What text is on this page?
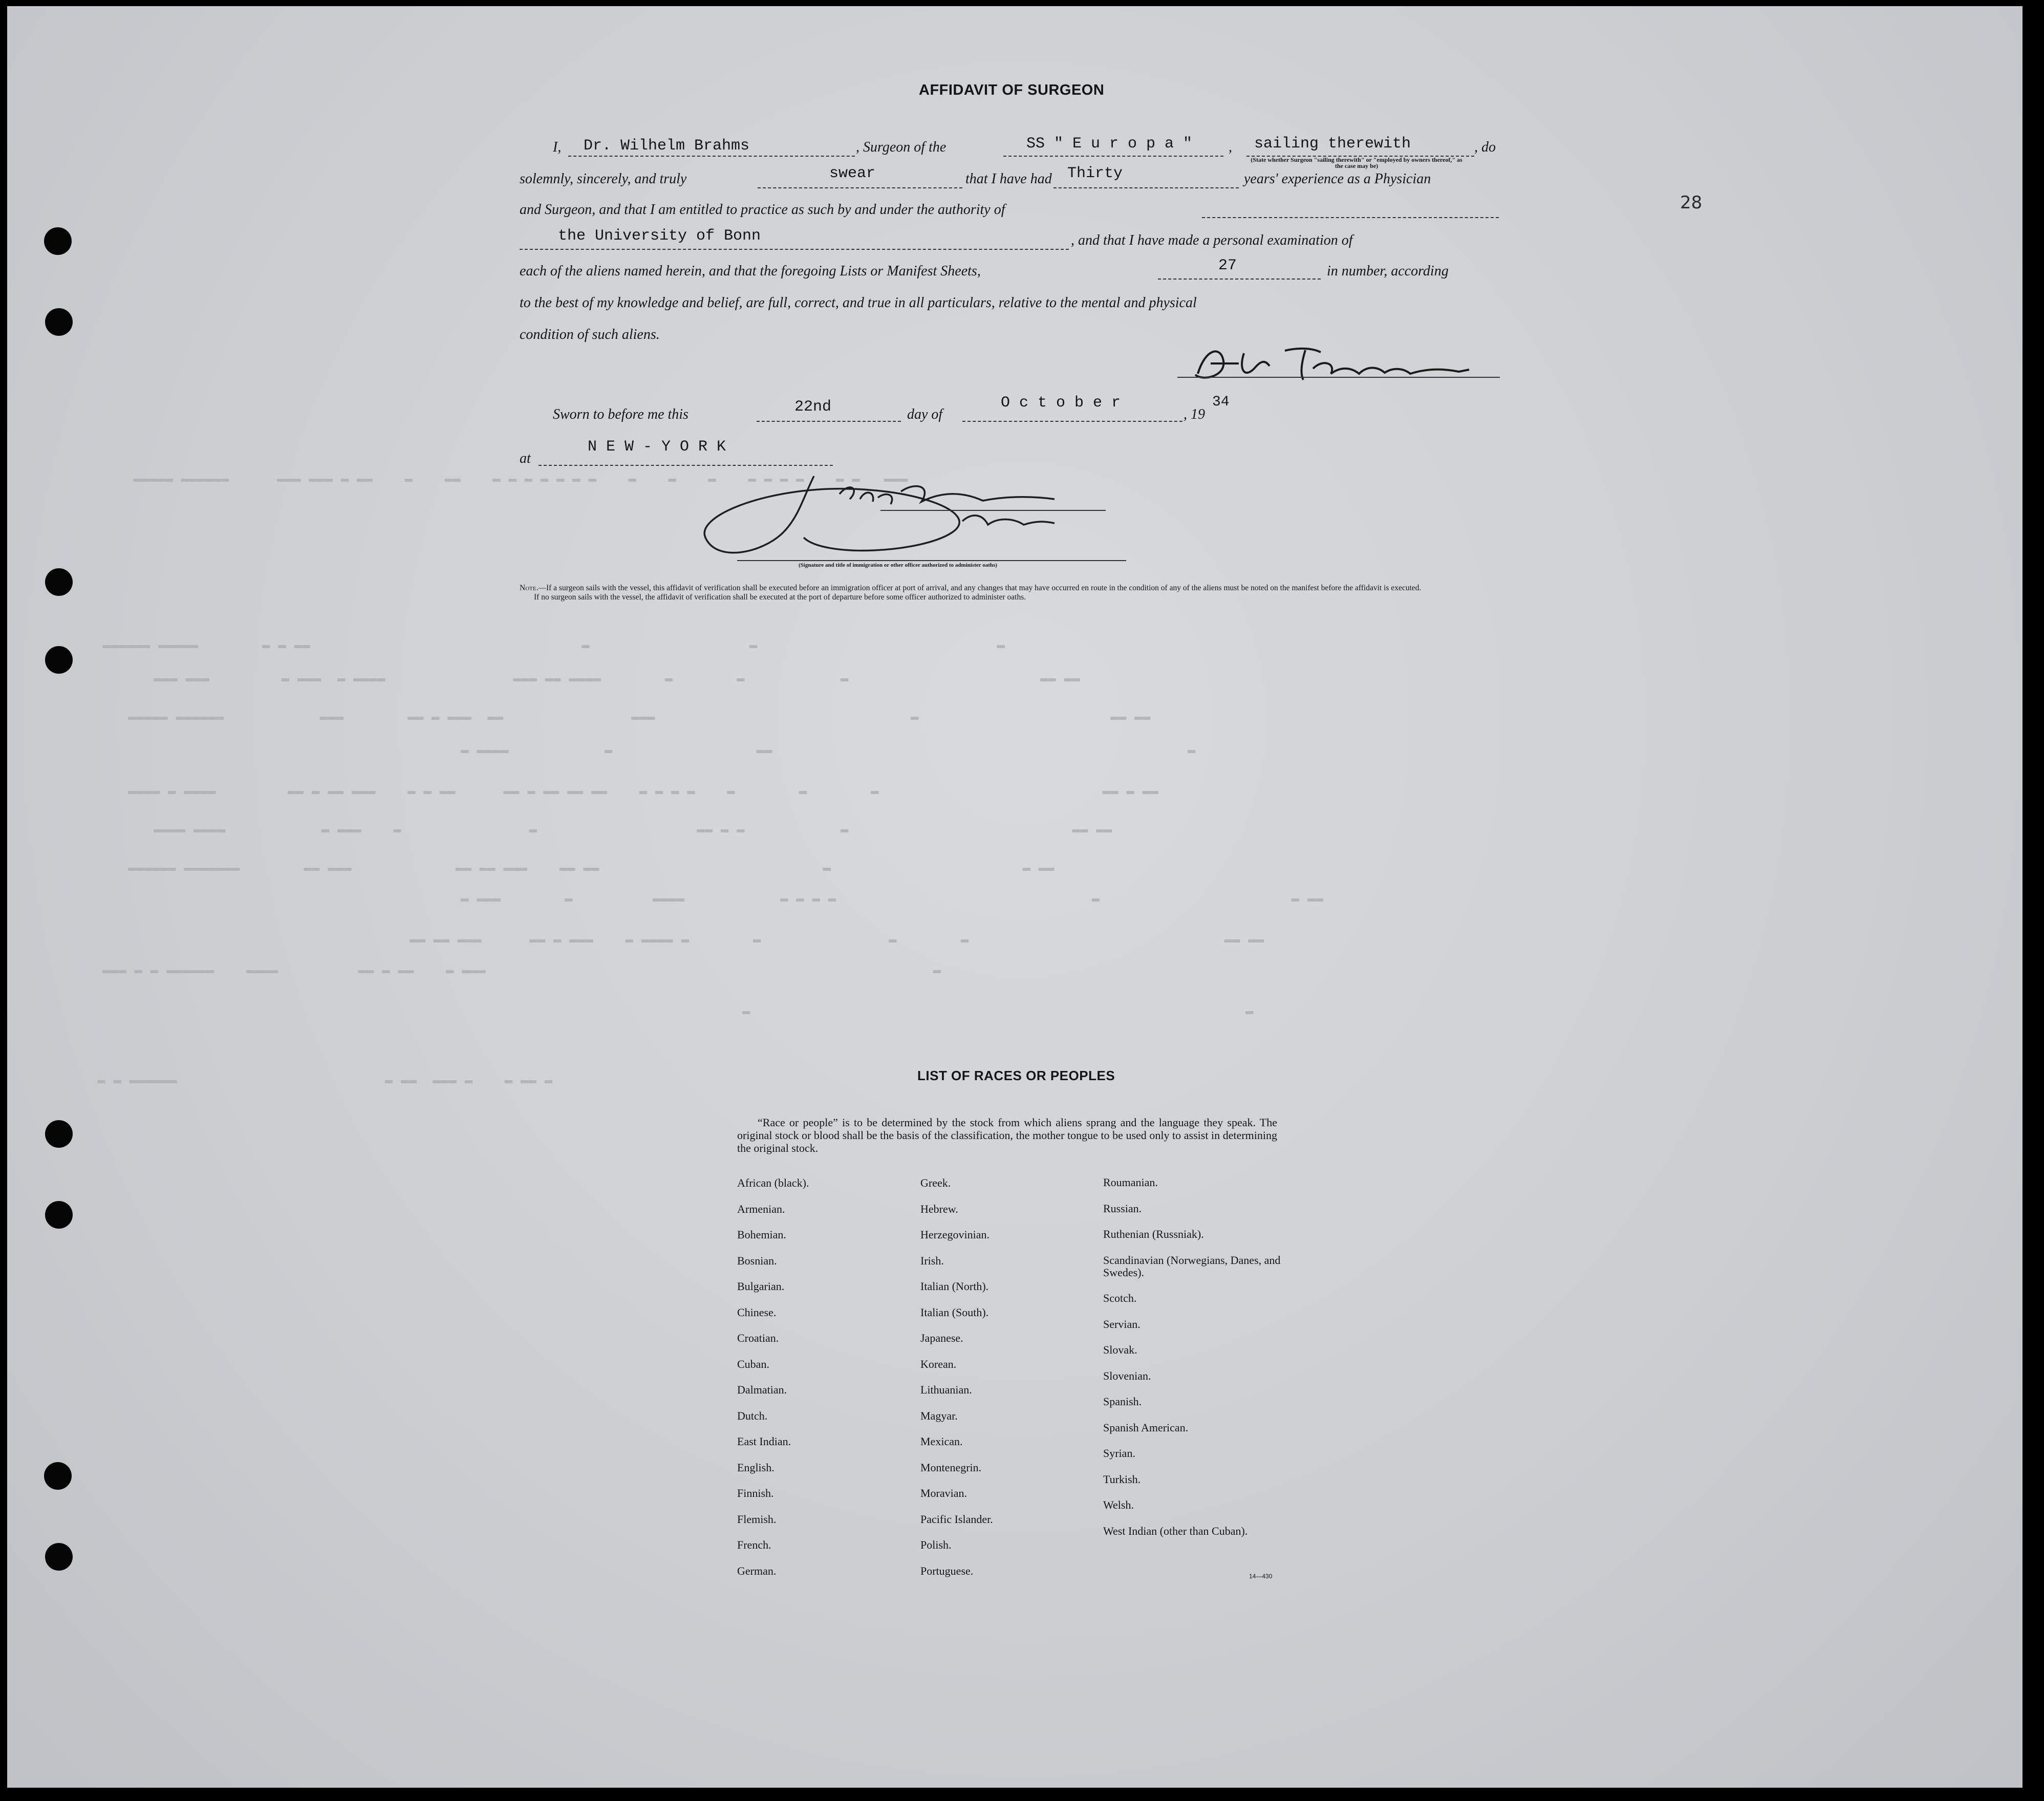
▬▬▬▬▬ ▬▬▬▬▬▬      ▬▬▬ ▬▬▬ ▬ ▬▬    ▬    ▬▬    ▬ ▬ ▬ ▬ ▬ ▬ ▬    ▬    ▬    ▬    ▬ ▬ ▬ ▬    ▬ ▬   ▬▬▬
▬▬▬▬▬▬ ▬▬▬▬▬        ▬ ▬ ▬▬                                  ▬                    ▬                              ▬
▬▬▬ ▬▬▬         ▬ ▬▬▬  ▬ ▬▬▬▬                ▬▬▬ ▬▬ ▬▬▬▬        ▬        ▬            ▬                        ▬▬ ▬▬
▬▬▬▬▬ ▬▬▬▬▬▬            ▬▬▬        ▬▬ ▬ ▬▬▬  ▬▬                ▬▬▬                                ▬                        ▬▬ ▬▬
▬ ▬▬▬▬            ▬                  ▬▬                                                    ▬
▬▬▬▬ ▬ ▬▬▬▬         ▬▬ ▬ ▬▬ ▬▬▬    ▬ ▬ ▬▬      ▬▬ ▬ ▬▬ ▬▬ ▬▬    ▬ ▬ ▬ ▬    ▬        ▬        ▬                            ▬▬ ▬ ▬▬
▬▬▬▬ ▬▬▬▬            ▬ ▬▬▬    ▬                ▬                    ▬▬ ▬ ▬            ▬                            ▬▬ ▬▬
▬▬▬▬▬▬ ▬▬▬▬▬▬▬        ▬▬ ▬▬▬             ▬▬ ▬▬ ▬▬▬    ▬▬ ▬▬                            ▬                        ▬ ▬▬
▬ ▬▬▬        ▬          ▬▬▬▬            ▬ ▬ ▬ ▬                                ▬                        ▬ ▬▬
▬▬ ▬▬ ▬▬▬      ▬▬ ▬ ▬▬▬    ▬ ▬▬▬▬ ▬        ▬                ▬        ▬                                ▬▬ ▬▬
▬▬▬ ▬ ▬ ▬▬▬▬▬▬    ▬▬▬▬          ▬▬ ▬ ▬▬    ▬ ▬▬▬                                                        ▬
▬                                                              ▬
▬ ▬ ▬▬▬▬▬▬                          ▬ ▬▬  ▬▬▬ ▬    ▬ ▬▬ ▬
AFFIDAVIT OF SURGEON
I, Dr. Wilhelm Brahms	, Surgeon of the	SS " E u r o p a "	, sailing therewith	, do
(State whether Surgeon "sailing therewith" or "employed by owners thereof," as the case may be)
solemnly, sincerely, and truly	swear	that I have had Thirty	years' experience as a Physician
and Surgeon, and that I am entitled to practice as such by and under the authority of
the University of Bonn	, and that I have made a personal examination of
each of the aliens named herein, and that the foregoing Lists or Manifest Sheets,	27	in number, according
to the best of my knowledge and belief, are full, correct, and true in all particulars, relative to the mental and physical
condition of such aliens.	Dr W Brahms
Sworn to before me this	22nd	day of
O c t o b e r
, 19
34
at
N E W - Y O R K
(Signature and title of immigration or other officer authorized to administer oaths)
Note.—If a surgeon sails with the vessel, this affidavit of verification shall be executed before an immigration officer at port of arrival, and any changes that may have occurred en route in the condition of any of the aliens must be noted on the manifest before the affidavit is executed.
If no surgeon sails with the vessel, the affidavit of verification shall be executed at the port of departure before some officer authorized to administer oaths.
28
LIST OF RACES OR PEOPLES
“Race or people” is to be determined by the stock from which aliens sprang and the language they speak. The original stock or blood shall be the basis of the classification, the mother tongue to be used only to assist in determining the original stock.
African (black).
Armenian.
Bohemian.
Bosnian.
Bulgarian.
Chinese.
Croatian.
Cuban.
Dalmatian.
Dutch.
East Indian.
English.
Finnish.
Flemish.
French.
German.
Greek.
Hebrew.
Herzegovinian.
Irish.
Italian (North).
Italian (South).
Japanese.
Korean.
Lithuanian.
Magyar.
Mexican.
Montenegrin.
Moravian.
Pacific Islander.
Polish.
Portuguese.
Roumanian.
Russian.
Ruthenian (Russniak).
Scandinavian (Norwegians, Danes, and Swedes).
Scotch.
Servian.
Slovak.
Slovenian.
Spanish.
Spanish American.
Syrian.
Turkish.
Welsh.
West Indian (other than Cuban).
14—430
